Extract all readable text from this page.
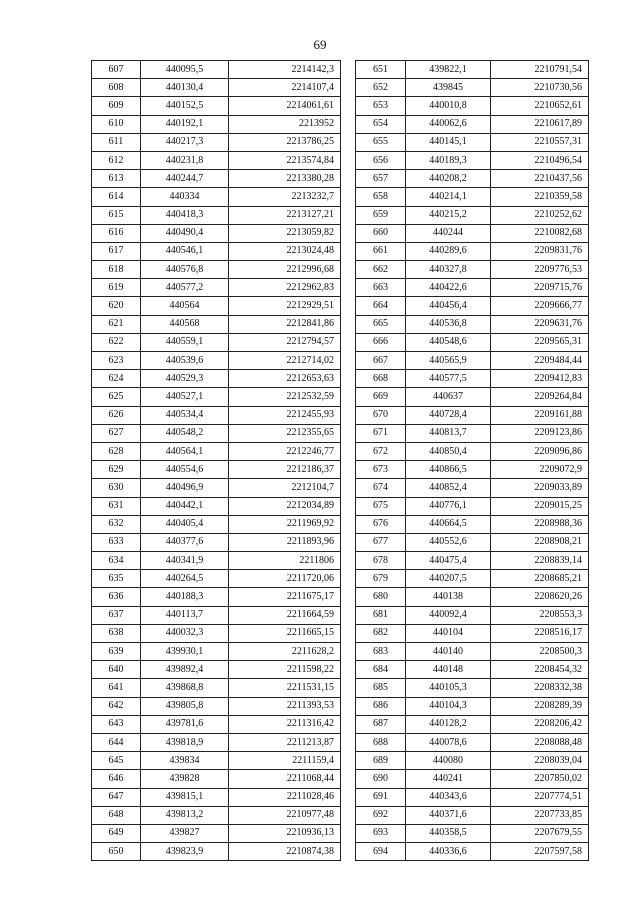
69
607	440095,5	2214142,3
608	440130,4	2214107,4
609	440152,5	2214061,61
610	440192,1	2213952
611	440217,3	2213786,25
612	440231,8	2213574,84
613	440244,7	2213380,28
614	440334	2213232,7
615	440418,3	2213127,21
616	440490,4	2213059,82
617	440546,1	2213024,48
618	440576,8	2212996,68
619	440577,2	2212962,83
620	440564	2212929,51
621	440568	2212841,86
622	440559,1	2212794,57
623	440539,6	2212714,02
624	440529,3	2212653,63
625	440527,1	2212532,59
626	440534,4	2212455,93
627	440548,2	2212355,65
628	440564,1	2212246,77
629	440554,6	2212186,37
630	440496,9	2212104,7
631	440442,1	2212034,89
632	440405,4	2211969,92
633	440377,6	2211893,96
634	440341,9	2211806
635	440264,5	2211720,06
636	440188,3	2211675,17
637	440113,7	2211664,59
638	440032,3	2211665,15
639	439930,1	2211628,2
640	439892,4	2211598,22
641	439868,8	2211531,15
642	439805,8	2211393,53
643	439781,6	2211316,42
644	439818,9	2211213,87
645	439834	2211159,4
646	439828	2211068,44
647	439815,1	2211028,46
648	439813,2	2210977,48
649	439827	2210936,13
650	439823,9	2210874,38
651	439822,1	2210791,54
652	439845	2210730,56
653	440010,8	2210652,61
654	440062,6	2210617,89
655	440145,1	2210557,31
656	440189,3	2210496,54
657	440208,2	2210437,56
658	440214,1	2210359,58
659	440215,2	2210252,62
660	440244	2210082,68
661	440289,6	2209831,76
662	440327,8	2209776,53
663	440422,6	2209715,76
664	440456,4	2209666,77
665	440536,8	2209631,76
666	440548,6	2209565,31
667	440565,9	2209484,44
668	440577,5	2209412,83
669	440637	2209264,84
670	440728,4	2209161,88
671	440813,7	2209123,86
672	440850,4	2209096,86
673	440866,5	2209072,9
674	440852,4	2209033,89
675	440776,1	2209015,25
676	440664,5	2208988,36
677	440552,6	2208908,21
678	440475,4	2208839,14
679	440207,5	2208685,21
680	440138	2208620,26
681	440092,4	2208553,3
682	440104	2208516,17
683	440140	2208500,3
684	440148	2208454,32
685	440105,3	2208332,38
686	440104,3	2208289,39
687	440128,2	2208206,42
688	440078,6	2208088,48
689	440080	2208039,04
690	440241	2207850,02
691	440343,6	2207774,51
692	440371,6	2207733,85
693	440358,5	2207679,55
694	440336,6	2207597,58
